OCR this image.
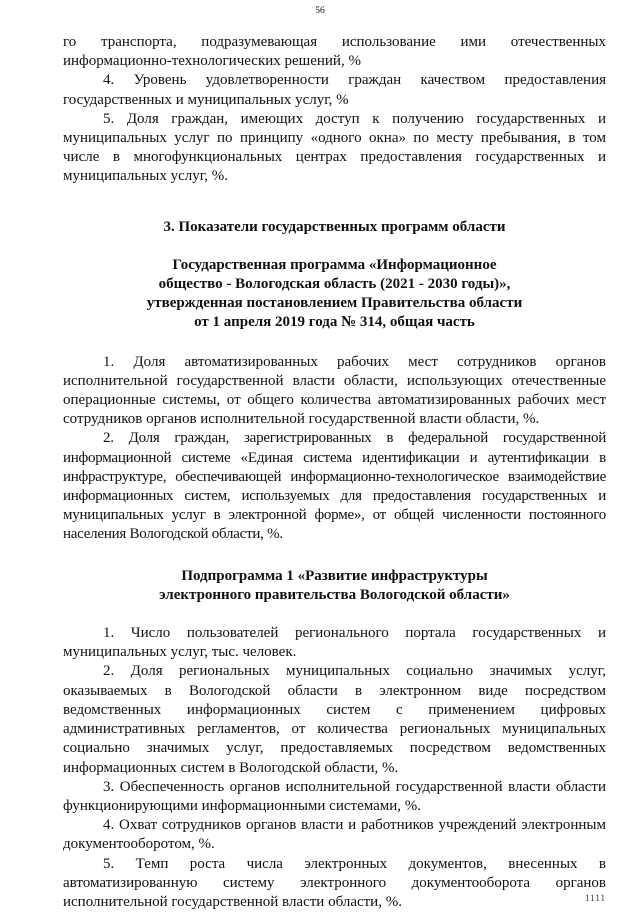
56

го транспорта, подразумевающая использование ими отечественных информационно-технологических решений, %

4. Уровень удовлетворенности граждан качеством предоставления государственных и муниципальных услуг, %

5. Доля граждан, имеющих доступ к получению государственных и муниципальных услуг по принципу «одного окна» по месту пребывания, в том числе в многофункциональных центрах предоставления государственных и муниципальных услуг, %.

3. Показатели государственных программ области

Государственная программа «Информационное
общество - Вологодская область (2021 - 2030 годы)»,
утвержденная постановлением Правительства области
от 1 апреля 2019 года № 314, общая часть

1. Доля автоматизированных рабочих мест сотрудников органов исполнительной государственной власти области, использующих отечественные операционные системы, от общего количества автоматизированных рабочих мест сотрудников органов исполнительной государственной власти области, %.

2. Доля граждан, зарегистрированных в федеральной государственной информационной системе «Единая система идентификации и аутентификации в инфраструктуре, обеспечивающей информационно-технологическое взаимодействие информационных систем, используемых для предоставления государственных и муниципальных услуг в электронной форме», от общей численности постоянного населения Вологодской области, %.

Подпрограмма 1 «Развитие инфраструктуры
электронного правительства Вологодской области»

1. Число пользователей регионального портала государственных и муниципальных услуг, тыс. человек.

2. Доля региональных муниципальных социально значимых услуг, оказываемых в Вологодской области в электронном виде посредством ведомственных информационных систем с применением цифровых административных регламентов, от количества региональных муниципальных социально значимых услуг, предоставляемых посредством ведомственных информационных систем в Вологодской области, %.

3. Обеспеченность органов исполнительной государственной власти области функционирующими информационными системами, %.

4. Охват сотрудников органов власти и работников учреждений электронным документооборотом, %.

5. Темп роста числа электронных документов, внесенных в автоматизированную систему электронного документооборота органов исполнительной государственной власти области, %.	1111
